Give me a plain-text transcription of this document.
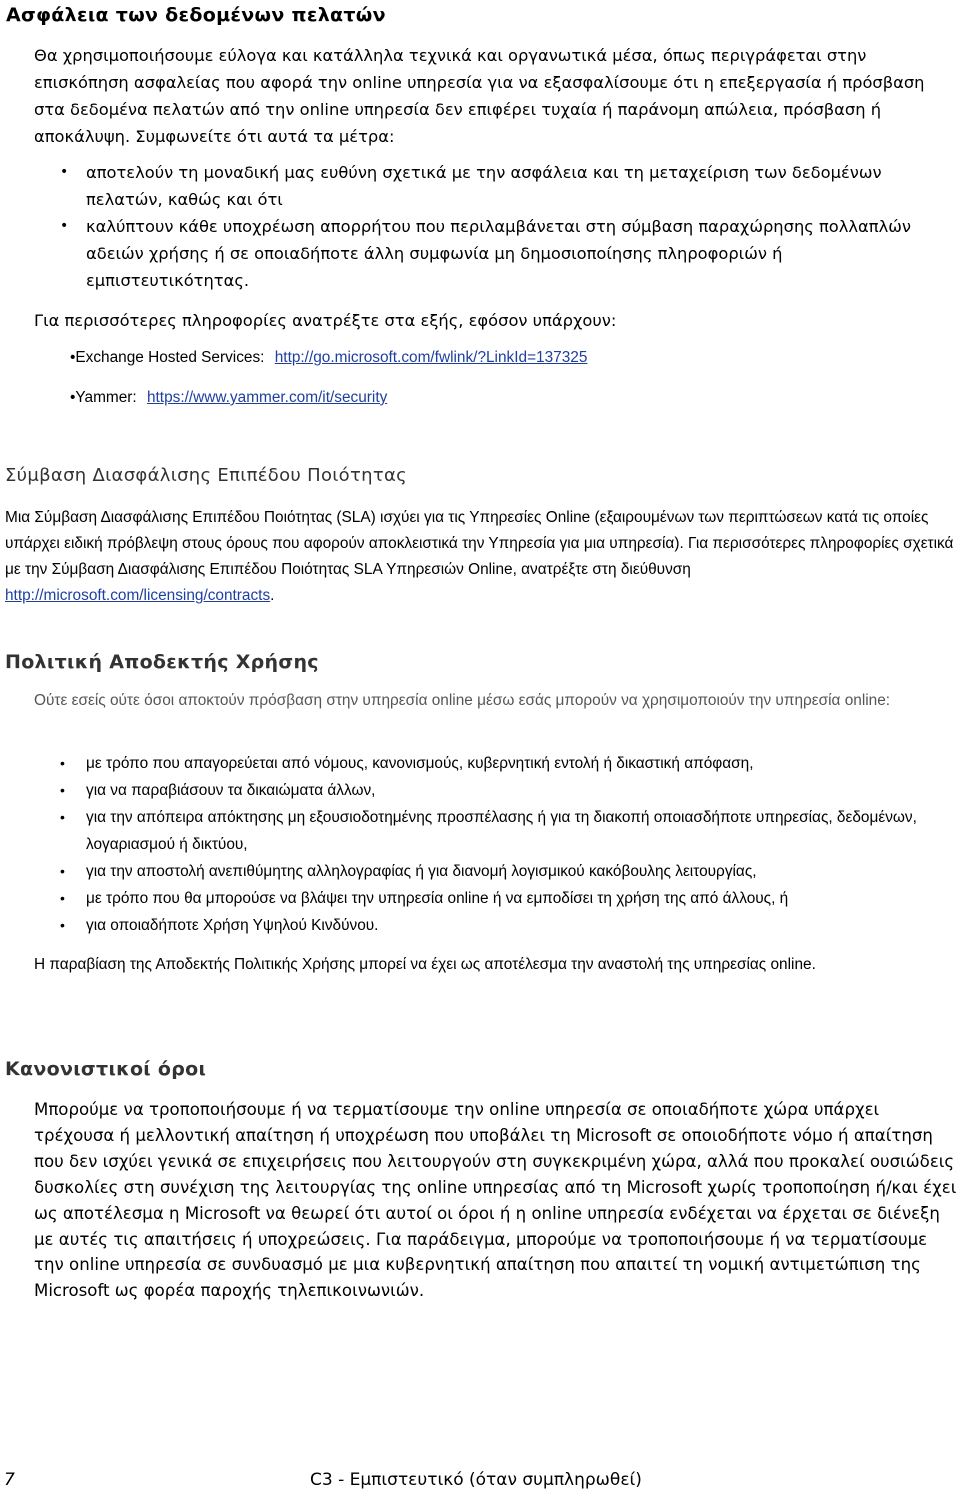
Ασφάλεια των δεδομένων πελατών

Θα χρησιμοποιήσουμε εύλογα και κατάλληλα τεχνικά και οργανωτικά μέσα, όπως περιγράφεται στην επισκόπηση ασφαλείας που αφορά την online υπηρεσία για να εξασφαλίσουμε ότι η επεξεργασία ή πρόσβαση στα δεδομένα πελατών από την online υπηρεσία δεν επιφέρει τυχαία ή παράνομη απώλεια, πρόσβαση ή αποκάλυψη. Συμφωνείτε ότι αυτά τα μέτρα:

• αποτελούν τη μοναδική μας ευθύνη σχετικά με την ασφάλεια και τη μεταχείριση των δεδομένων πελατών, καθώς και ότι
• καλύπτουν κάθε υποχρέωση απορρήτου που περιλαμβάνεται στη σύμβαση παραχώρησης πολλαπλών αδειών χρήσης ή σε οποιαδήποτε άλλη συμφωνία μη δημοσιοποίησης πληροφοριών ή εμπιστευτικότητας.

Για περισσότερες πληροφορίες ανατρέξτε στα εξής, εφόσον υπάρχουν:

•Exchange Hosted Services: http://go.microsoft.com/fwlink/?LinkId=137325
•Yammer: https://www.yammer.com/it/security
Σύμβαση Διασφάλισης Επιπέδου Ποιότητας

Μια Σύμβαση Διασφάλισης Επιπέδου Ποιότητας (SLA) ισχύει για τις Υπηρεσίες Online (εξαιρουμένων των περιπτώσεων κατά τις οποίες υπάρχει ειδική πρόβλεψη στους όρους που αφορούν αποκλειστικά την Υπηρεσία για μια υπηρεσία). Για περισσότερες πληροφορίες σχετικά με την Σύμβαση Διασφάλισης Επιπέδου Ποιότητας SLA Υπηρεσιών Online, ανατρέξτε στη διεύθυνση http://microsoft.com/licensing/contracts.

Πολιτική Αποδεκτής Χρήσης

Ούτε εσείς ούτε όσοι αποκτούν πρόσβαση στην υπηρεσία online μέσω εσάς μπορούν να χρησιμοποιούν την υπηρεσία online:

• με τρόπο που απαγορεύεται από νόμους, κανονισμούς, κυβερνητική εντολή ή δικαστική απόφαση,
• για να παραβιάσουν τα δικαιώματα άλλων,
• για την απόπειρα απόκτησης μη εξουσιοδοτημένης προσπέλασης ή για τη διακοπή οποιασδήποτε υπηρεσίας, δεδομένων, λογαριασμού ή δικτύου,
• για την αποστολή ανεπιθύμητης αλληλογραφίας ή για διανομή λογισμικού κακόβουλης λειτουργίας,
• με τρόπο που θα μπορούσε να βλάψει την υπηρεσία online ή να εμποδίσει τη χρήση της από άλλους, ή
• για οποιαδήποτε Χρήση Υψηλού Κινδύνου.

Η παραβίαση της Αποδεκτής Πολιτικής Χρήσης μπορεί να έχει ως αποτέλεσμα την αναστολή της υπηρεσίας online.

Κανονιστικοί όροι

Μπορούμε να τροποποιήσουμε ή να τερματίσουμε την online υπηρεσία σε οποιαδήποτε χώρα υπάρχει τρέχουσα ή μελλοντική απαίτηση ή υποχρέωση που υποβάλει τη Microsoft σε οποιοδήποτε νόμο ή απαίτηση που δεν ισχύει γενικά σε επιχειρήσεις που λειτουργούν στη συγκεκριμένη χώρα, αλλά που προκαλεί ουσιώδεις δυσκολίες στη συνέχιση της λειτουργίας της online υπηρεσίας από τη Microsoft χωρίς τροποποίηση ή/και έχει ως αποτέλεσμα η Microsoft να θεωρεί ότι αυτοί οι όροι ή η online υπηρεσία ενδέχεται να έρχεται σε διένεξη με αυτές τις απαιτήσεις ή υποχρεώσεις. Για παράδειγμα, μπορούμε να τροποποιήσουμε ή να τερματίσουμε την online υπηρεσία σε συνδυασμό με μια κυβερνητική απαίτηση που απαιτεί τη νομική αντιμετώπιση της Microsoft ως φορέα παροχής τηλεπικοινωνιών.

7	C3 - Εμπιστευτικό (όταν συμπληρωθεί)
